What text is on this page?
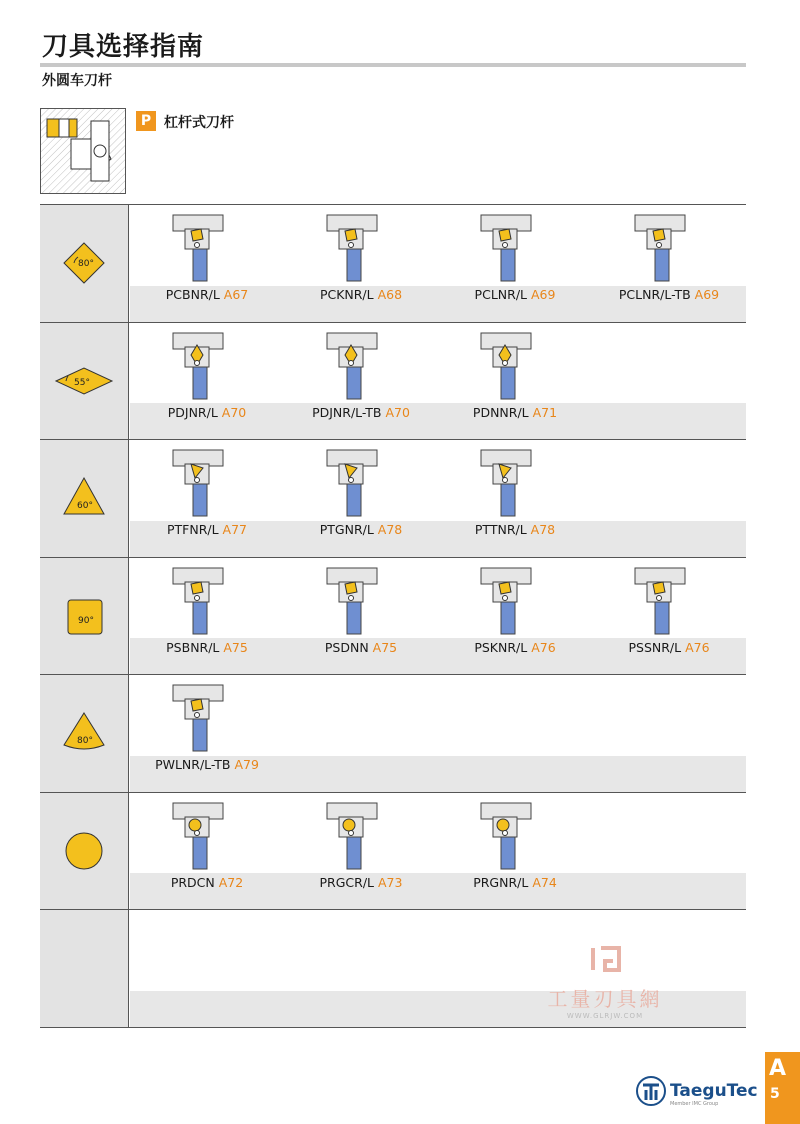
刀具选择指南
外圆车刀杆
P 杠杆式刀杆
80°
PCBNR/L A67	PCKNR/L A68	PCLNR/L A69	PCLNR/L-TB A69
55°
PDJNR/L A70	PDJNR/L-TB A70	PDNNR/L A71
60°
PTFNR/L A77	PTGNR/L A78	PTTNR/L A78
90°
PSBNR/L A75	PSDNN A75	PSKNR/L A76	PSSNR/L A76
80°
PWLNR/L-TB A79
PRDCN A72	PRGCR/L A73	PRGNR/L A74
工量刃具網
WWW.GLRJW.COM
TaeguTec
Member IMC Group
A
5
